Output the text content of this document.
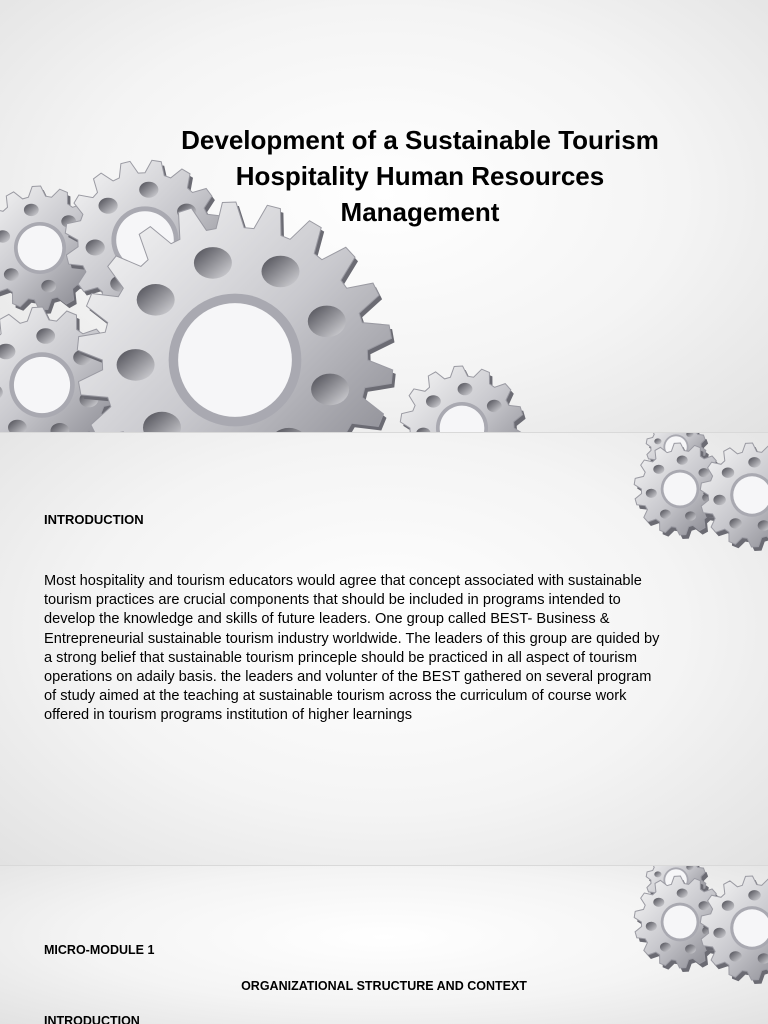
Development of a Sustainable Tourism
Hospitality Human Resources
Management

INTRODUCTION

Most hospitality and tourism educators would agree that concept associated with sustainable
tourism practices are crucial components that should be included in programs intended to
develop the knowledge and skills of future leaders. One group called BEST- Business &
Entrepreneurial sustainable tourism industry worldwide. The leaders of this group are quided by
a strong belief that sustainable tourism princeple should be practiced in all aspect of tourism
operations on adaily basis. the leaders and volunter of the BEST gathered on several program
of study aimed at the teaching at sustainable tourism across the curriculum of course work
offered in tourism programs institution of higher learnings

MICRO-MODULE 1

ORGANIZATIONAL STRUCTURE AND CONTEXT

INTRODUCTION
